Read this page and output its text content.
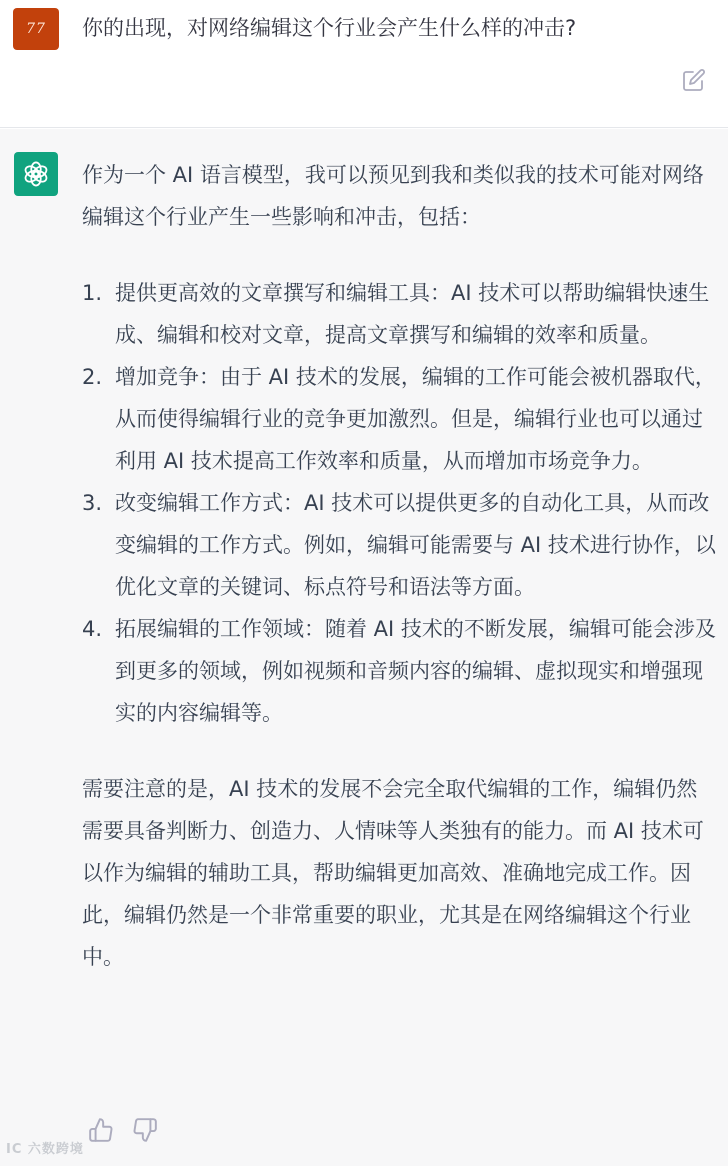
77	你的出现，对网络编辑这个行业会产生什么样的冲击?

作为一个 AI 语言模型，我可以预见到我和类似我的技术可能对网络编辑这个行业产生一些影响和冲击，包括：

1. 提供更高效的文章撰写和编辑工具：AI 技术可以帮助编辑快速生成、编辑和校对文章，提高文章撰写和编辑的效率和质量。
2. 增加竞争：由于 AI 技术的发展，编辑的工作可能会被机器取代，从而使得编辑行业的竞争更加激烈。但是，编辑行业也可以通过利用 AI 技术提高工作效率和质量，从而增加市场竞争力。
3. 改变编辑工作方式：AI 技术可以提供更多的自动化工具，从而改变编辑的工作方式。例如，编辑可能需要与 AI 技术进行协作，以优化文章的关键词、标点符号和语法等方面。
4. 拓展编辑的工作领域：随着 AI 技术的不断发展，编辑可能会涉及到更多的领域，例如视频和音频内容的编辑、虚拟现实和增强现实的内容编辑等。

需要注意的是，AI 技术的发展不会完全取代编辑的工作，编辑仍然需要具备判断力、创造力、人情味等人类独有的能力。而 AI 技术可以作为编辑的辅助工具，帮助编辑更加高效、准确地完成工作。因此，编辑仍然是一个非常重要的职业，尤其是在网络编辑这个行业中。

IC 六数跨境
